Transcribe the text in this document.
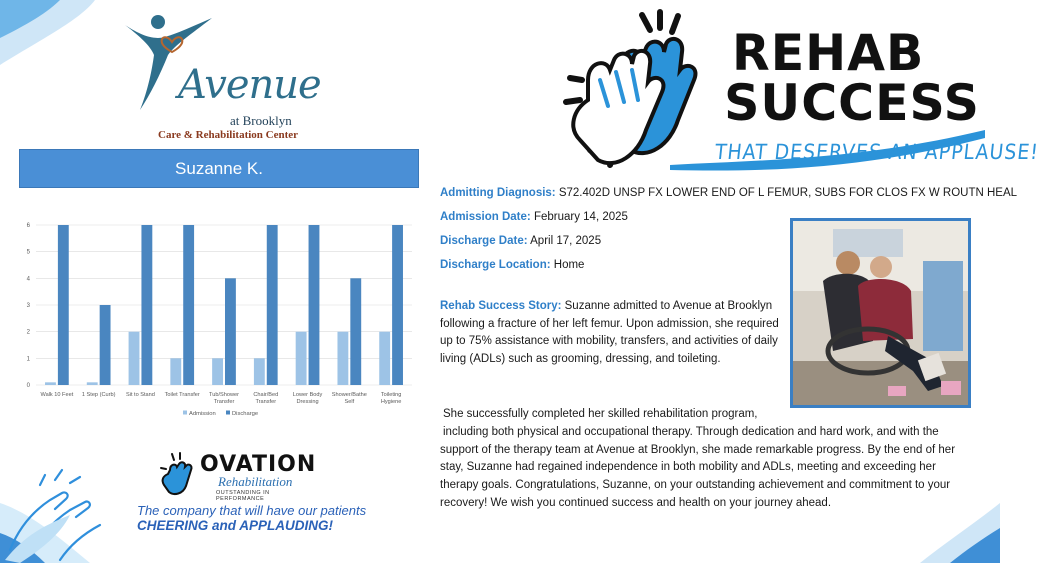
Avenue
at Brooklyn
Care & Rehabilitation Center
Suzanne K.
0
1
2
3
4
5
6
Walk 10 Feet 1 Step (Curb) Sit to Stand Toilet Transfer Tub/Shower
Transfer
Chair/Bed
Transfer
Lower Body
Dressing
Shower/Bathe
Self
Toileting
Hygiene
Admission	Discharge
REHAB
SUCCESS
THAT DESERVES AN APPLAUSE!
Admitting Diagnosis: S72.402D UNSP FX LOWER END OF L FEMUR, SUBS FOR CLOS FX W ROUTN HEAL
Admission Date: February 14, 2025
Discharge Date: April 17, 2025
Discharge Location: Home
Rehab Success Story: Suzanne admitted to Avenue at Brooklyn following a fracture of her left femur. Upon admission, she required up to 75% assistance with mobility, transfers, and activities of daily living (ADLs) such as grooming, dressing, and toileting.
She successfully completed her skilled rehabilitation program,
including both physical and occupational therapy. Through dedication and hard work, and with the support of the therapy team at Avenue at Brooklyn, she made remarkable progress. By the end of her stay, Suzanne had regained independence in both mobility and ADLs, meeting and exceeding her therapy goals. Congratulations, Suzanne, on your outstanding achievement and commitment to your recovery! We wish you continued success and health on your journey ahead.
OVATION
Rehabilitation
OUTSTANDING IN PERFORMANCE
The company that will have our patients
CHEERING and APPLAUDING!
